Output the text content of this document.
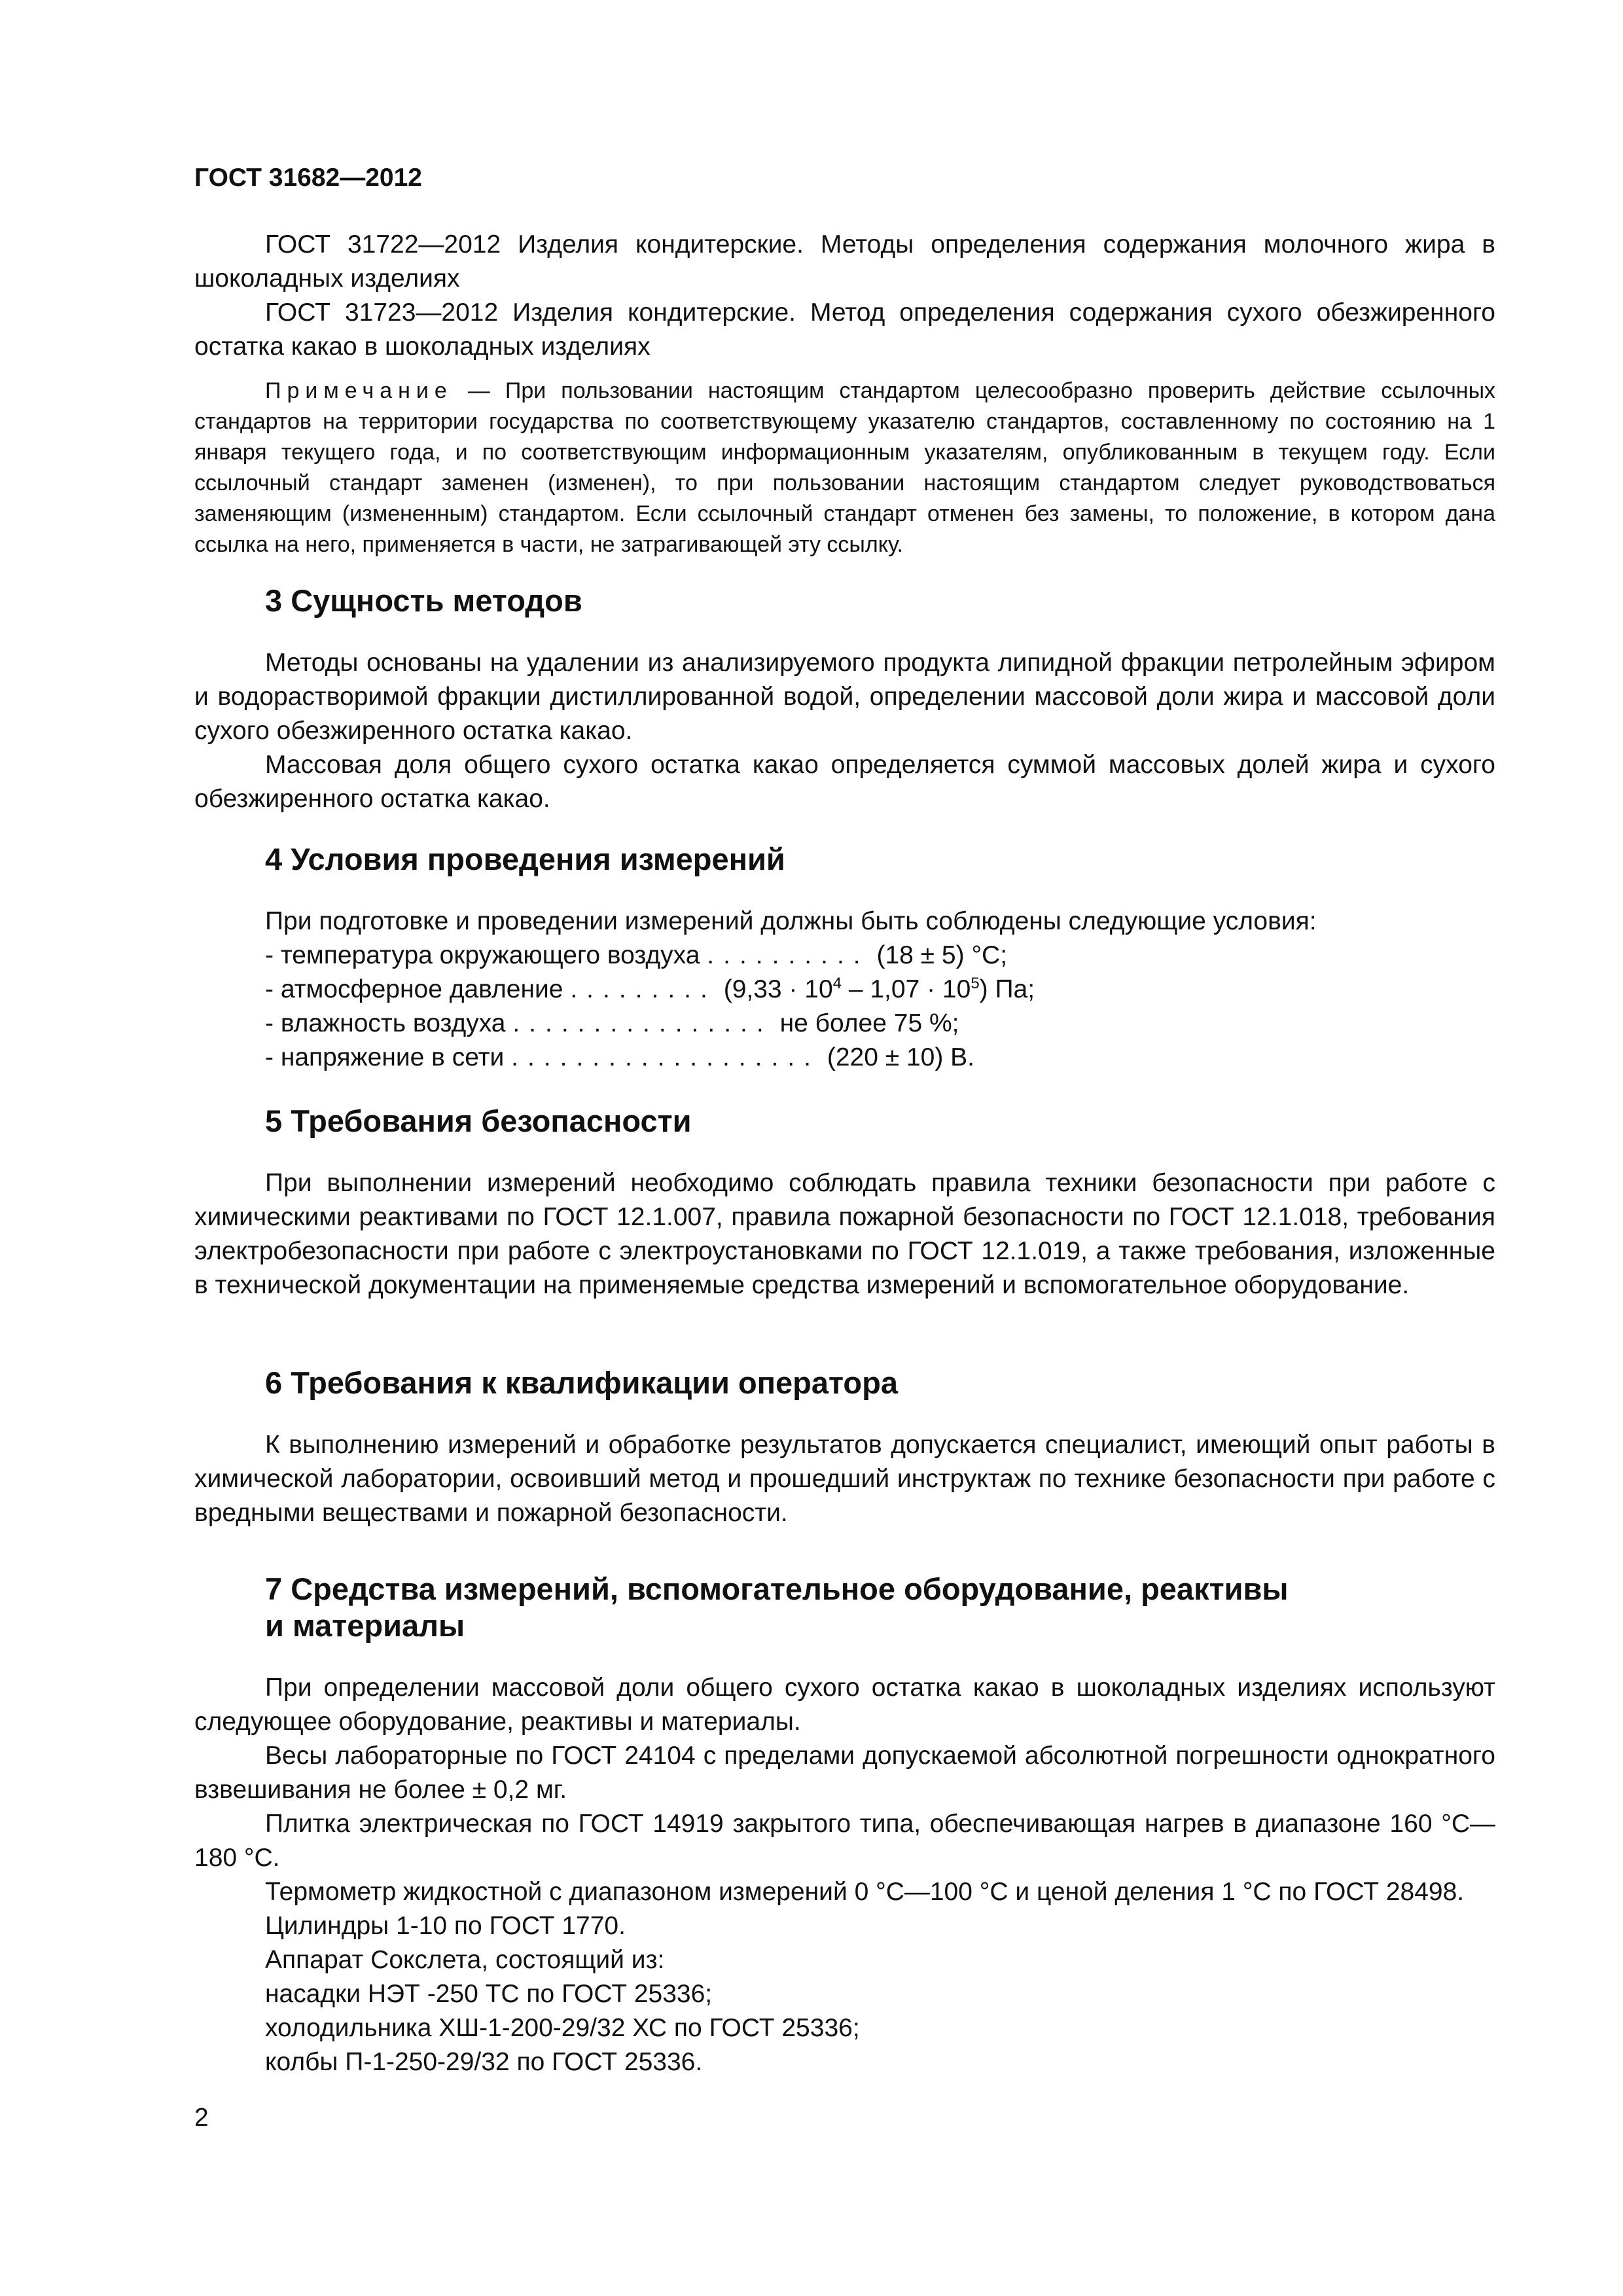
ГОСТ 31682—2012

ГОСТ 31722—2012 Изделия кондитерские. Методы определения содержания молочного жира в шоколадных изделиях

ГОСТ 31723—2012 Изделия кондитерские. Метод определения содержания сухого обезжиренного остатка какао в шоколадных изделиях

Примечание — При пользовании настоящим стандартом целесообразно проверить действие ссылочных стандартов на территории государства по соответствующему указателю стандартов, составленному по состоянию на 1 января текущего года, и по соответствующим информационным указателям, опубликованным в текущем году. Если ссылочный стандарт заменен (изменен), то при пользовании настоящим стандартом следует руководствоваться заменяющим (измененным) стандартом. Если ссылочный стандарт отменен без замены, то положение, в котором дана ссылка на него, применяется в части, не затрагивающей эту ссылку.

3 Сущность методов

Методы основаны на удалении из анализируемого продукта липидной фракции петролейным эфиром и водорастворимой фракции дистиллированной водой, определении массовой доли жира и массовой доли сухого обезжиренного остатка какао.

Массовая доля общего сухого остатка какао определяется суммой массовых долей жира и сухого обезжиренного остатка какао.

4 Условия проведения измерений

При подготовке и проведении измерений должны быть соблюдены следующие условия:

- температура окружающего воздуха .......... (18 ± 5) °С;
- атмосферное давление ......... $(9,33 \cdot 10^4 - 1,07 \cdot 10^5)$ Па;
- влажность воздуха ................ не более 75 %;
- напряжение в сети ................... (220 ± 10) В.
5 Требования безопасности

При выполнении измерений необходимо соблюдать правила техники безопасности при работе с химическими реактивами по ГОСТ 12.1.007, правила пожарной безопасности по ГОСТ 12.1.018, требования электробезопасности при работе с электроустановками по ГОСТ 12.1.019, а также требования, изложенные в технической документации на применяемые средства измерений и вспомогательное оборудование.

6 Требования к квалификации оператора

К выполнению измерений и обработке результатов допускается специалист, имеющий опыт работы в химической лаборатории, освоивший метод и прошедший инструктаж по технике безопасности при работе с вредными веществами и пожарной безопасности.

7 Средства измерений, вспомогательное оборудование, реактивы
и материалы

При определении массовой доли общего сухого остатка какао в шоколадных изделиях используют следующее оборудование, реактивы и материалы.

Весы лабораторные по ГОСТ 24104 с пределами допускаемой абсолютной погрешности однократного взвешивания не более ± 0,2 мг.

Плитка электрическая по ГОСТ 14919 закрытого типа, обеспечивающая нагрев в диапазоне 160 °С—180 °С.

Термометр жидкостной с диапазоном измерений 0 °С—100 °С и ценой деления 1 °С по ГОСТ 28498.

Цилиндры 1-10 по ГОСТ 1770.

Аппарат Сокслета, состоящий из:

насадки НЭТ -250 ТС по ГОСТ 25336;

холодильника ХШ-1-200-29/32 ХС по ГОСТ 25336;

колбы П-1-250-29/32 по ГОСТ 25336.

2
